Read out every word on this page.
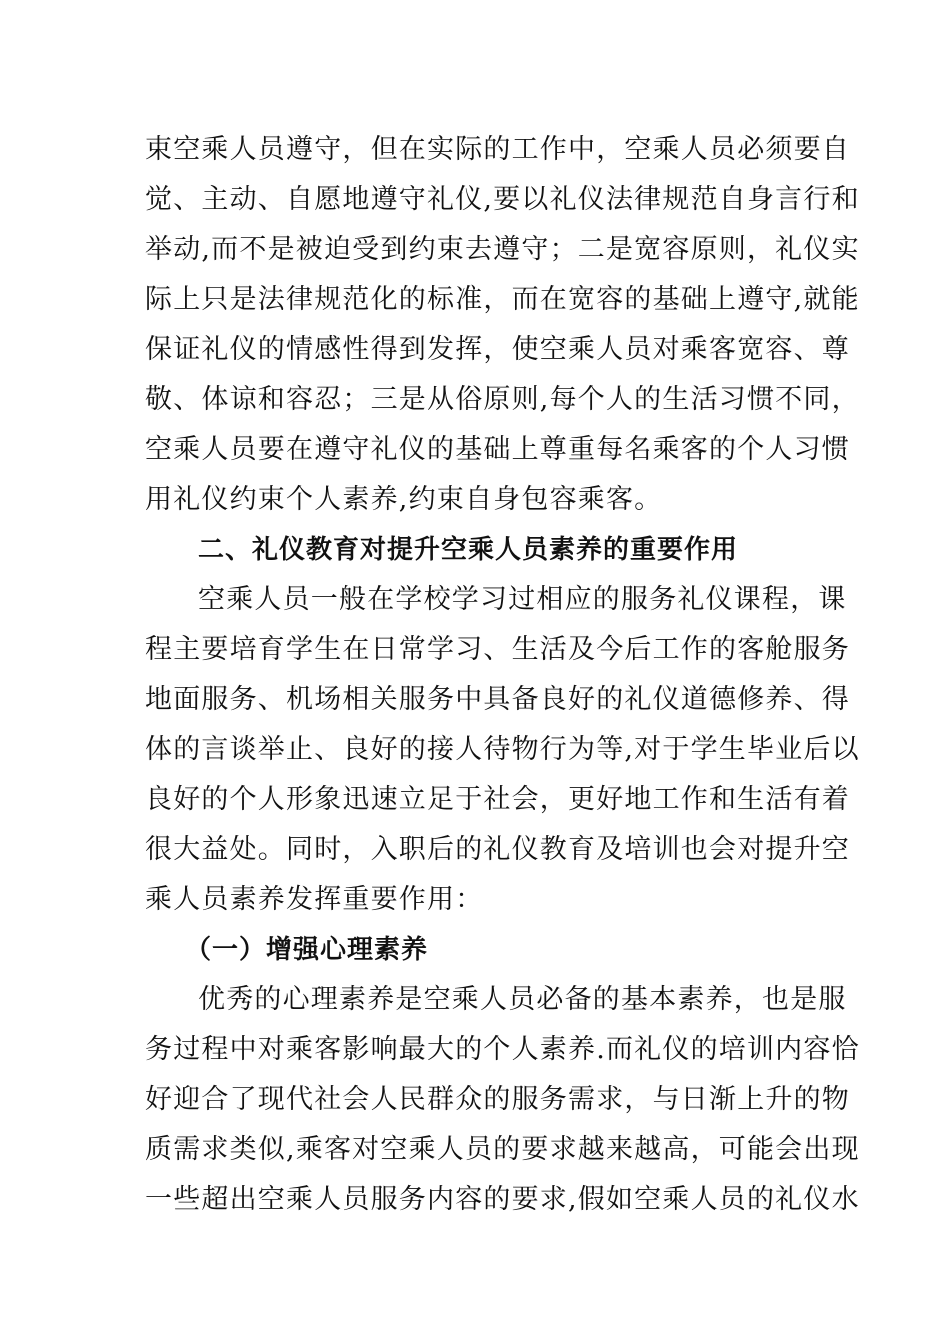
束空乘人员遵守，但在实际的工作中，空乘人员必须要自
觉、主动、自愿地遵守礼仪,要以礼仪法律规范自身言行和
举动,而不是被迫受到约束去遵守；二是宽容原则，礼仪实
际上只是法律规范化的标准，而在宽容的基础上遵守,就能
保证礼仪的情感性得到发挥，使空乘人员对乘客宽容、尊
敬、体谅和容忍；三是从俗原则,每个人的生活习惯不同，
空乘人员要在遵守礼仪的基础上尊重每名乘客的个人习惯
用礼仪约束个人素养,约束自身包容乘客。
二、礼仪教育对提升空乘人员素养的重要作用
空乘人员一般在学校学习过相应的服务礼仪课程，课
程主要培育学生在日常学习、生活及今后工作的客舱服务
地面服务、机场相关服务中具备良好的礼仪道德修养、得
体的言谈举止、良好的接人待物行为等,对于学生毕业后以
良好的个人形象迅速立足于社会，更好地工作和生活有着
很大益处。同时，入职后的礼仪教育及培训也会对提升空
乘人员素养发挥重要作用：
（一）增强心理素养
优秀的心理素养是空乘人员必备的基本素养，也是服
务过程中对乘客影响最大的个人素养.而礼仪的培训内容恰
好迎合了现代社会人民群众的服务需求，与日渐上升的物
质需求类似,乘客对空乘人员的要求越来越高，可能会出现
一些超出空乘人员服务内容的要求,假如空乘人员的礼仪水
